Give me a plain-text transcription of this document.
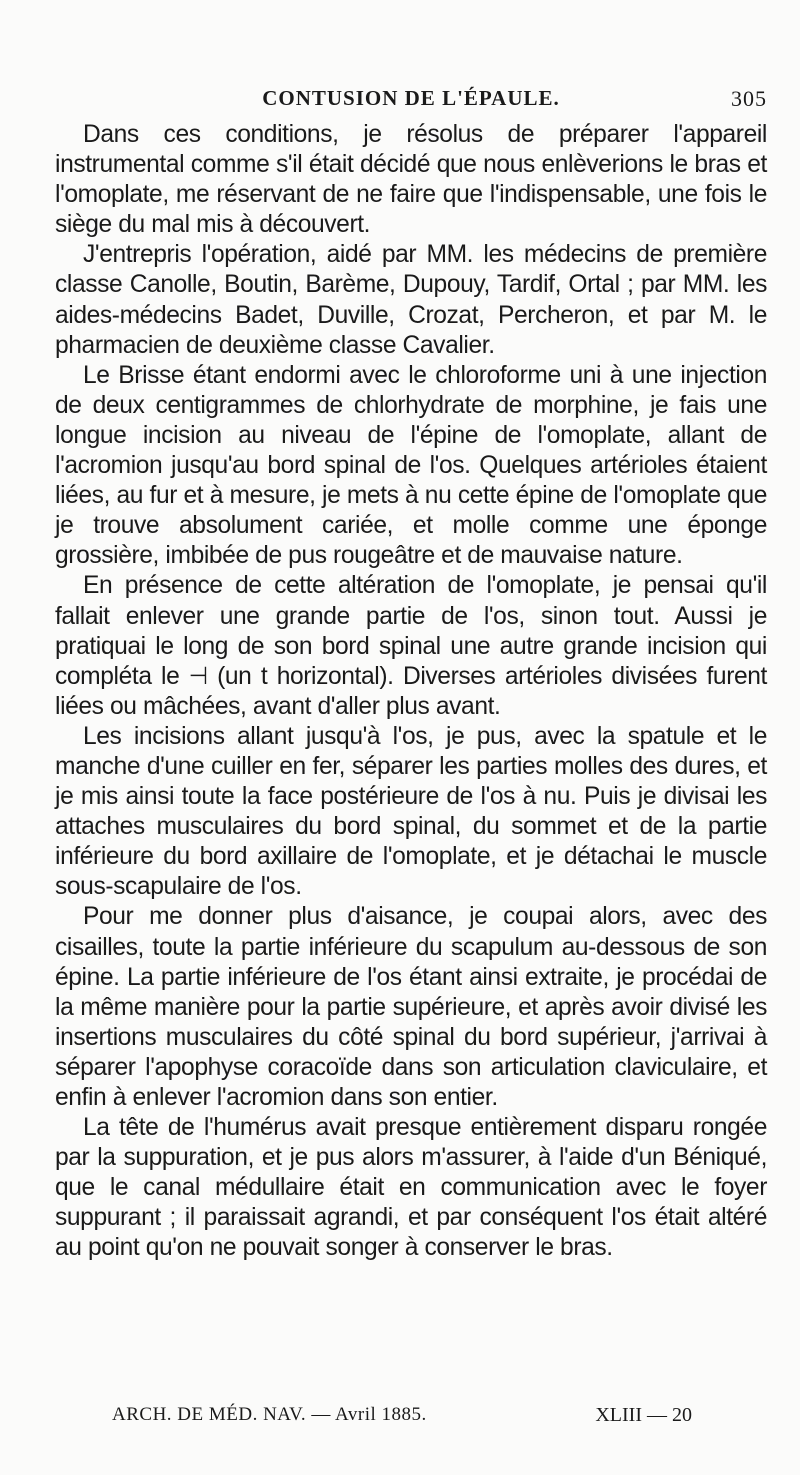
CONTUSION DE L'ÉPAULE.	305

Dans ces conditions, je résolus de préparer l'appareil instrumental comme s'il était décidé que nous enlèverions le bras et l'omoplate, me réservant de ne faire que l'indispensable, une fois le siège du mal mis à découvert.

J'entrepris l'opération, aidé par MM. les médecins de première classe Canolle, Boutin, Barème, Dupouy, Tardif, Ortal ; par MM. les aides-médecins Badet, Duville, Crozat, Percheron, et par M. le pharmacien de deuxième classe Cavalier.

Le Brisse étant endormi avec le chloroforme uni à une injection de deux centigrammes de chlorhydrate de morphine, je fais une longue incision au niveau de l'épine de l'omoplate, allant de l'acromion jusqu'au bord spinal de l'os. Quelques artérioles étaient liées, au fur et à mesure, je mets à nu cette épine de l'omoplate que je trouve absolument cariée, et molle comme une éponge grossière, imbibée de pus rougeâtre et de mauvaise nature.

En présence de cette altération de l'omoplate, je pensai qu'il fallait enlever une grande partie de l'os, sinon tout. Aussi je pratiquai le long de son bord spinal une autre grande incision qui compléta le ⊣ (un t horizontal). Diverses artérioles divisées furent liées ou mâchées, avant d'aller plus avant.

Les incisions allant jusqu'à l'os, je pus, avec la spatule et le manche d'une cuiller en fer, séparer les parties molles des dures, et je mis ainsi toute la face postérieure de l'os à nu. Puis je divisai les attaches musculaires du bord spinal, du sommet et de la partie inférieure du bord axillaire de l'omoplate, et je détachai le muscle sous-scapulaire de l'os.

Pour me donner plus d'aisance, je coupai alors, avec des cisailles, toute la partie inférieure du scapulum au-dessous de son épine. La partie inférieure de l'os étant ainsi extraite, je procédai de la même manière pour la partie supérieure, et après avoir divisé les insertions musculaires du côté spinal du bord supérieur, j'arrivai à séparer l'apophyse coracoïde dans son articulation claviculaire, et enfin à enlever l'acromion dans son entier.

La tête de l'humérus avait presque entièrement disparu rongée par la suppuration, et je pus alors m'assurer, à l'aide d'un Béniqué, que le canal médullaire était en communication avec le foyer suppurant ; il paraissait agrandi, et par conséquent l'os était altéré au point qu'on ne pouvait songer à conserver le bras.

ARCH. DE MÉD. NAV. — Avril 1885.	XLIII — 20
